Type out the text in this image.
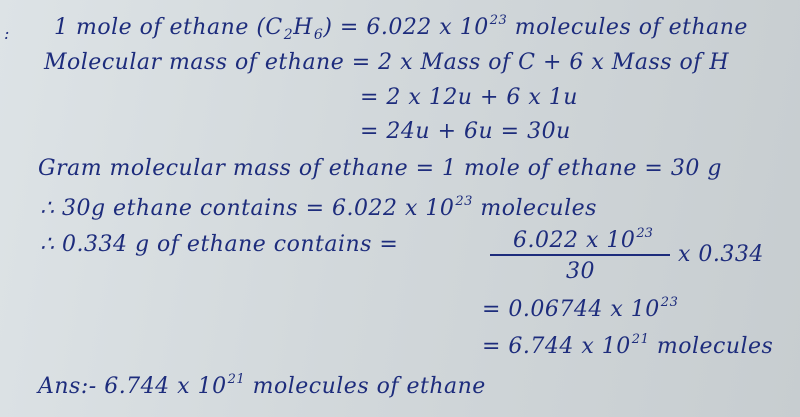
: 1 mole of ethane $(C_2H_6) = 6.022$ x $10^{23}$ molecules of ethane
Molecular mass of ethane = 2 x Mass of C + 6 x Mass of H
= 2 x 12u + 6 x 1u
= 24u + 6u = 30u
Gram molecular mass of ethane = 1 mole of ethane = 30 g
∴ 30g ethane contains = 6.022 x $10^{23}$ molecules
∴ 0.334 g of ethane contains =	6.022 x $10^{23}$
30
x 0.334
= 0.06744 x $10^{23}$
= 6.744 x $10^{21}$ molecules
Ans:- 6.744 x $10^{21}$ molecules of ethane
